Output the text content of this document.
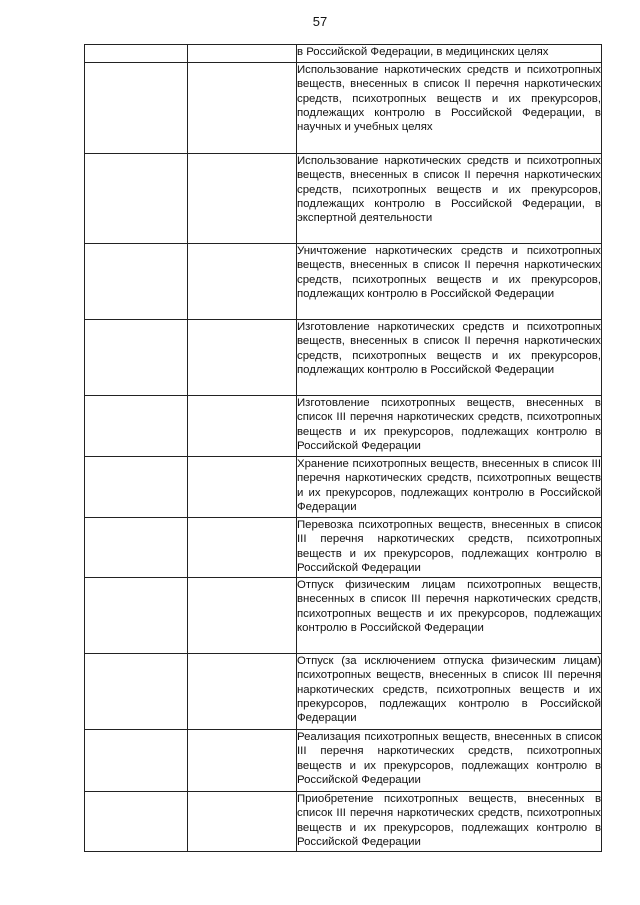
57
		в Российской Федерации, в медицинских целях
		Использование наркотических средств и психотропных веществ, внесенных в список II перечня наркотических средств, психотропных веществ и их прекурсоров, подлежащих контролю в Российской Федерации, в научных и учебных целях
		Использование наркотических средств и психотропных веществ, внесенных в список II перечня наркотических средств, психотропных веществ и их прекурсоров, подлежащих контролю в Российской Федерации, в экспертной деятельности
		Уничтожение наркотических средств и психотропных веществ, внесенных в список II перечня наркотических средств, психотропных веществ и их прекурсоров, подлежащих контролю в Российской Федерации
		Изготовление наркотических средств и психотропных веществ, внесенных в список II перечня наркотических средств, психотропных веществ и их прекурсоров, подлежащих контролю в Российской Федерации
		Изготовление психотропных веществ, внесенных в список III перечня наркотических средств, психотропных веществ и их прекурсоров, подлежащих контролю в Российской Федерации
		Хранение психотропных веществ, внесенных в список III перечня наркотических средств, психотропных веществ и их прекурсоров, подлежащих контролю в Российской Федерации
		Перевозка психотропных веществ, внесенных в список III перечня наркотических средств, психотропных веществ и их прекурсоров, подлежащих контролю в Российской Федерации
		Отпуск физическим лицам психотропных веществ, внесенных в список III перечня наркотических средств, психотропных веществ и их прекурсоров, подлежащих контролю в Российской Федерации
		Отпуск (за исключением отпуска физическим лицам) психотропных веществ, внесенных в список III перечня наркотических средств, психотропных веществ и их прекурсоров, подлежащих контролю в Российской Федерации
		Реализация психотропных веществ, внесенных в список III перечня наркотических средств, психотропных веществ и их прекурсоров, подлежащих контролю в Российской Федерации
		Приобретение психотропных веществ, внесенных в список III перечня наркотических средств, психотропных веществ и их прекурсоров, подлежащих контролю в Российской Федерации
